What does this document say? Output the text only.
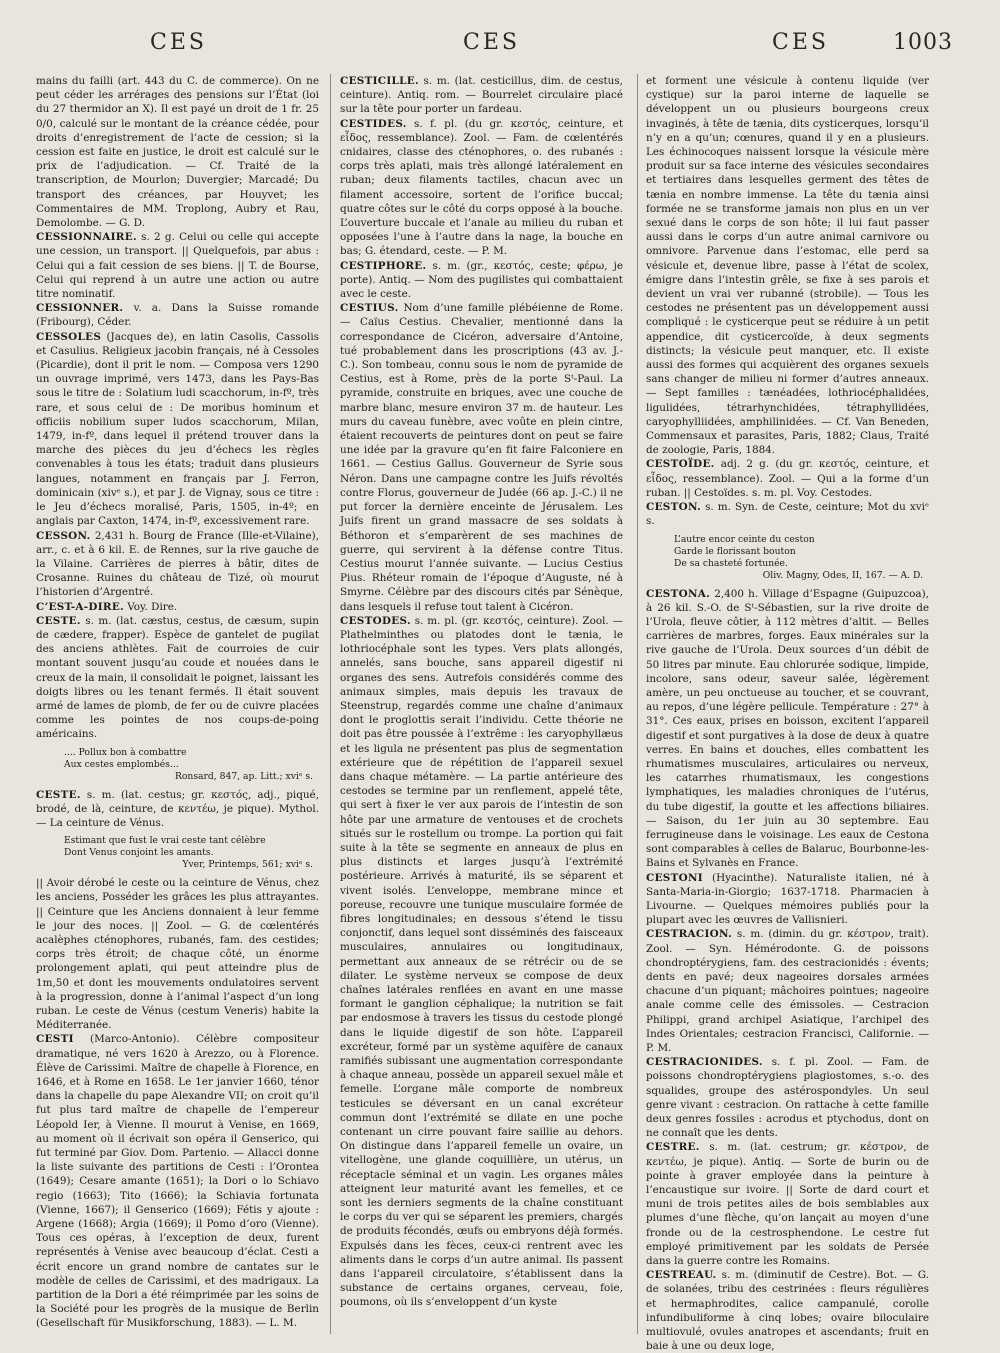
CES	CES	CES	1003

mains du failli (art. 443 du C. de commerce). On ne peut céder les arrérages des pensions sur l’État (loi du 27 thermidor an X). Il est payé un droit de 1 fr. 25 0/0, calculé sur le montant de la créance cédée, pour droits d’enregistrement de l’acte de cession; si la cession est faite en justice, le droit est calculé sur le prix de l’adjudication. — Cf. Traité de la transcription, de Mourlon; Duvergier; Marcadé; Du transport des créances, par Houyvet; les Commentaires de MM. Troplong, Aubry et Rau, Demolombe. — G. D.

CESSIONNAIRE. s. 2 g. Celui ou celle qui accepte une cession, un transport. || Quelquefois, par abus : Celui qui a fait cession de ses biens. || T. de Bourse, Celui qui reprend à un autre une action ou autre titre nominatif.

CESSIONNER. v. a. Dans la Suisse romande (Fribourg), Céder.

CESSOLES (Jacques de), en latin Casolis, Cassolis et Casulius. Religieux jacobin français, né à Cessoles (Picardie), dont il prit le nom. — Composa vers 1290 un ouvrage imprimé, vers 1473, dans les Pays-Bas sous le titre de : Solatium ludi scacchorum, in-fº, très rare, et sous celui de : De moribus hominum et officiis nobilium super ludos scacchorum, Milan, 1479, in-fº, dans lequel il prétend trouver dans la marche des pièces du jeu d’échecs les règles convenables à tous les états; traduit dans plusieurs langues, notamment en français par J. Ferron, dominicain (xivᵉ s.), et par J. de Vignay, sous ce titre : le Jeu d’échecs moralisé, Paris, 1505, in-4º; en anglais par Caxton, 1474, in-fº, excessivement rare.

CESSON. 2,431 h. Bourg de France (Ille-et-Vilaine), arr., c. et à 6 kil. E. de Rennes, sur la rive gauche de la Vilaine. Carrières de pierres à bâtir, dites de Crosanne. Ruines du château de Tizé, où mourut l’historien d’Argentré.

C’EST-A-DIRE. Voy. Dire.

CESTE. s. m. (lat. cæstus, cestus, de cæsum, supin de cædere, frapper). Espèce de gantelet de pugilat des anciens athlètes. Fait de courroies de cuir montant souvent jusqu’au coude et nouées dans le creux de la main, il consolidait le poignet, laissant les doigts libres ou les tenant fermés. Il était souvent armé de lames de plomb, de fer ou de cuivre placées comme les pointes de nos coups-de-poing américains.

.... Pollux bon à combattre
Aux cestes emplombés...
Ronsard, 847, ap. Litt.; xviᵉ s.

CESTE. s. m. (lat. cestus; gr. κεστός, adj., piqué, brodé, de là, ceinture, de κεντέω, je pique). Mythol. — La ceinture de Vénus.

Estimant que fust le vrai ceste tant célèbre
Dont Venus conjoint les amants.
Yver, Printemps, 561; xviᵉ s.

|| Avoir dérobé le ceste ou la ceinture de Vénus, chez les anciens, Posséder les grâces les plus attrayantes. || Ceinture que les Anciens donnaient à leur femme le jour des noces. || Zool. — G. de cœlentérés acalèphes cténophores, rubanés, fam. des cestides; corps très étroit; de chaque côté, un énorme prolongement aplati, qui peut atteindre plus de 1m,50 et dont les mouvements ondulatoires servent à la progression, donne à l’animal l’aspect d’un long ruban. Le ceste de Vénus (cestum Veneris) habite la Méditerranée.

CESTI (Marco-Antonio). Célèbre compositeur dramatique, né vers 1620 à Arezzo, ou à Florence. Élève de Carissimi. Maître de chapelle à Florence, en 1646, et à Rome en 1658. Le 1er janvier 1660, ténor dans la chapelle du pape Alexandre VII; on croit qu’il fut plus tard maître de chapelle de l’empereur Léopold Ier, à Vienne. Il mourut à Venise, en 1669, au moment où il écrivait son opéra il Genserico, qui fut terminé par Giov. Dom. Partenio. — Allacci donne la liste suivante des partitions de Cesti : l’Orontea (1649); Cesare amante (1651); la Dori o lo Schiavo regio (1663); Tito (1666); la Schiavia fortunata (Vienne, 1667); il Genserico (1669); Fétis y ajoute : Argene (1668); Argia (1669); il Pomo d’oro (Vienne). Tous ces opéras, à l’exception de deux, furent représentés à Venise avec beaucoup d’éclat. Cesti a écrit encore un grand nombre de cantates sur le modèle de celles de Carissimi, et des madrigaux. La partition de la Dori a été réimprimée par les soins de la Société pour les progrès de la musique de Berlin (Gesellschaft für Musikforschung, 1883). — L. M.

CESTICILLE. s. m. (lat. cesticillus, dim. de cestus, ceinture). Antiq. rom. — Bourrelet circulaire placé sur la tête pour porter un fardeau.

CESTIDES. s. f. pl. (du gr. κεστός, ceinture, et εἶδος, ressemblance). Zool. — Fam. de cœlentérés cnidaires, classe des cténophores, o. des rubanés : corps très aplati, mais très allongé latéralement en ruban; deux filaments tactiles, chacun avec un filament accessoire, sortent de l’orifice buccal; quatre côtes sur le côté du corps opposé à la bouche. L’ouverture buccale et l’anale au milieu du ruban et opposées l’une à l’autre dans la nage, la bouche en bas; G. étendard, ceste. — P. M.

CESTIPHORE. s. m. (gr., κεστός, ceste; φέρω, je porte). Antiq. — Nom des pugilistes qui combattaient avec le ceste.

CESTIUS. Nom d’une famille plébéienne de Rome. — Caïus Cestius. Chevalier, mentionné dans la correspondance de Cicéron, adversaire d’Antoine, tué probablement dans les proscriptions (43 av. J.-C.). Son tombeau, connu sous le nom de pyramide de Cestius, est à Rome, près de la porte Sᵗ-Paul. La pyramide, construite en briques, avec une couche de marbre blanc, mesure environ 37 m. de hauteur. Les murs du caveau funèbre, avec voûte en plein cintre, étaient recouverts de peintures dont on peut se faire une idée par la gravure qu’en fit faire Falconiere en 1661. — Cestius Gallus. Gouverneur de Syrie sous Néron. Dans une campagne contre les Juifs révoltés contre Florus, gouverneur de Judée (66 ap. J.-C.) il ne put forcer la dernière enceinte de Jérusalem. Les Juifs firent un grand massacre de ses soldats à Béthoron et s’emparèrent de ses machines de guerre, qui servirent à la défense contre Titus. Cestius mourut l’année suivante. — Lucius Cestius Pius. Rhéteur romain de l’époque d’Auguste, né à Smyrne. Célèbre par des discours cités par Sénèque, dans lesquels il refuse tout talent à Cicéron.

CESTODES. s. m. pl. (gr. κεστός, ceinture). Zool. — Plathelminthes ou platodes dont le tænia, le lothriocéphale sont les types. Vers plats allongés, annelés, sans bouche, sans appareil digestif ni organes des sens. Autrefois considérés comme des animaux simples, mais depuis les travaux de Steenstrup, regardés comme une chaîne d’animaux dont le proglottis serait l’individu. Cette théorie ne doit pas être poussée à l’extrême : les caryophyllæus et les ligula ne présentent pas plus de segmentation extérieure que de répétition de l’appareil sexuel dans chaque métamère. — La partie antérieure des cestodes se termine par un renflement, appelé tête, qui sert à fixer le ver aux parois de l’intestin de son hôte par une armature de ventouses et de crochets situés sur le rostellum ou trompe. La portion qui fait suite à la tête se segmente en anneaux de plus en plus distincts et larges jusqu’à l’extrémité postérieure. Arrivés à maturité, ils se séparent et vivent isolés. L’enveloppe, membrane mince et poreuse, recouvre une tunique musculaire formée de fibres longitudinales; en dessous s’étend le tissu conjonctif, dans lequel sont disséminés des faisceaux musculaires, annulaires ou longitudinaux, permettant aux anneaux de se rétrécir ou de se dilater. Le système nerveux se compose de deux chaînes latérales renflées en avant en une masse formant le ganglion céphalique; la nutrition se fait par endosmose à travers les tissus du cestode plongé dans le liquide digestif de son hôte. L’appareil excréteur, formé par un système aquifère de canaux ramifiés subissant une augmentation correspondante à chaque anneau, possède un appareil sexuel mâle et femelle. L’organe mâle comporte de nombreux testicules se déversant en un canal excréteur commun dont l’extrémité se dilate en une poche contenant un cirre pouvant faire saillie au dehors. On distingue dans l’appareil femelle un ovaire, un vitellogène, une glande coquillière, un utérus, un réceptacle séminal et un vagin. Les organes mâles atteignent leur maturité avant les femelles, et ce sont les derniers segments de la chaîne constituant le corps du ver qui se séparent les premiers, chargés de produits fécondés, œufs ou embryons déjà formés. Expulsés dans les fèces, ceux-ci rentrent avec les aliments dans le corps d’un autre animal. Ils passent dans l’appareil circulatoire, s’établissent dans la substance de certains organes, cerveau, foie, poumons, où ils s’enveloppent d’un kyste

et forment une vésicule à contenu liquide (ver cystique) sur la paroi interne de laquelle se développent un ou plusieurs bourgeons creux invaginés, à tête de tænia, dits cysticerques, lorsqu’il n’y en a qu’un; cœnures, quand il y en a plusieurs. Les échinocoques naissent lorsque la vésicule mère produit sur sa face interne des vésicules secondaires et tertiaires dans lesquelles germent des têtes de tænia en nombre immense. La tête du tænia ainsi formée ne se transforme jamais non plus en un ver sexué dans le corps de son hôte; il lui faut passer aussi dans le corps d’un autre animal carnivore ou omnivore. Parvenue dans l’estomac, elle perd sa vésicule et, devenue libre, passe à l’état de scolex, émigre dans l’intestin grêle, se fixe à ses parois et devient un vrai ver rubanné (strobile). — Tous les cestodes ne présentent pas un développement aussi compliqué : le cysticerque peut se réduire à un petit appendice, dit cysticercoïde, à deux segments distincts; la vésicule peut manquer, etc. Il existe aussi des formes qui acquièrent des organes sexuels sans changer de milieu ni former d’autres anneaux. — Sept familles : tænéadées, lothriocéphalidées, ligulidées, tétrarhynchidées, tétraphyllidées, caryophylliidées, amphilinidées. — Cf. Van Beneden, Commensaux et parasites, Paris, 1882; Claus, Traité de zoologie, Paris, 1884.

CESTOÏDE. adj. 2 g. (du gr. κεστός, ceinture, et εἶδος, ressemblance). Zool. — Qui a la forme d’un ruban. || Cestoïdes. s. m. pl. Voy. Cestodes.

CESTON. s. m. Syn. de Ceste, ceinture; Mot du xviᵉ s.

L’autre encor ceinte du ceston
Garde le florissant bouton
De sa chasteté fortunée.
Oliv. Magny, Odes, II, 167. — A. D.

CESTONA. 2,400 h. Village d’Espagne (Guipuzcoa), à 26 kil. S.-O. de Sᵗ-Sébastien, sur la rive droite de l’Urola, fleuve côtier, à 112 mètres d’altit. — Belles carrières de marbres, forges. Eaux minérales sur la rive gauche de l’Urola. Deux sources d’un débit de 50 litres par minute. Eau chlorurée sodique, limpide, incolore, sans odeur, saveur salée, légèrement amère, un peu onctueuse au toucher, et se couvrant, au repos, d’une légère pellicule. Température : 27° à 31°. Ces eaux, prises en boisson, excitent l’appareil digestif et sont purgatives à la dose de deux à quatre verres. En bains et douches, elles combattent les rhumatismes musculaires, articulaires ou nerveux, les catarrhes rhumatismaux, les congestions lymphatiques, les maladies chroniques de l’utérus, du tube digestif, la goutte et les affections biliaires. — Saison, du 1er juin au 30 septembre. Eau ferrugineuse dans le voisinage. Les eaux de Cestona sont comparables à celles de Balaruc, Bourbonne-les-Bains et Sylvanès en France.

CESTONI (Hyacinthe). Naturaliste italien, né à Santa-Maria-in-Giorgio; 1637-1718. Pharmacien à Livourne. — Quelques mémoires publiés pour la plupart avec les œuvres de Vallisnieri.

CESTRACION. s. m. (dimin. du gr. κέστρον, trait). Zool. — Syn. Hémérodonte. G. de poissons chondroptérygiens, fam. des cestracionidés : évents; dents en pavé; deux nageoires dorsales armées chacune d’un piquant; mâchoires pointues; nageoire anale comme celle des émissoles. — Cestracion Philippi, grand archipel Asiatique, l’archipel des Indes Orientales; cestracion Francisci, Californie. — P. M.

CESTRACIONIDES. s. f. pl. Zool. — Fam. de poissons chondroptérygiens plagiostomes, s.-o. des squalides, groupe des astérospondyles. Un seul genre vivant : cestracion. On rattache à cette famille deux genres fossiles : acrodus et ptychodus, dont on ne connaît que les dents.

CESTRE. s. m. (lat. cestrum; gr. κέστρον, de κεντέω, je pique). Antiq. — Sorte de burin ou de pointe à graver employée dans la peinture à l’encaustique sur ivoire. || Sorte de dard court et muni de trois petites ailes de bois semblables aux plumes d’une flèche, qu’on lançait au moyen d’une fronde ou de la cestrosphendone. Le cestre fut employé primitivement par les soldats de Persée dans la guerre contre les Romains.

CESTREAU. s. m. (diminutif de Cestre). Bot. — G. de solanées, tribu des cestrinées : fleurs régulières et hermaphrodites, calice campanulé, corolle infundibuliforme à cinq lobes; ovaire biloculaire multiovulé, ovules anatropes et ascendants; fruit en baie à une ou deux loge,
